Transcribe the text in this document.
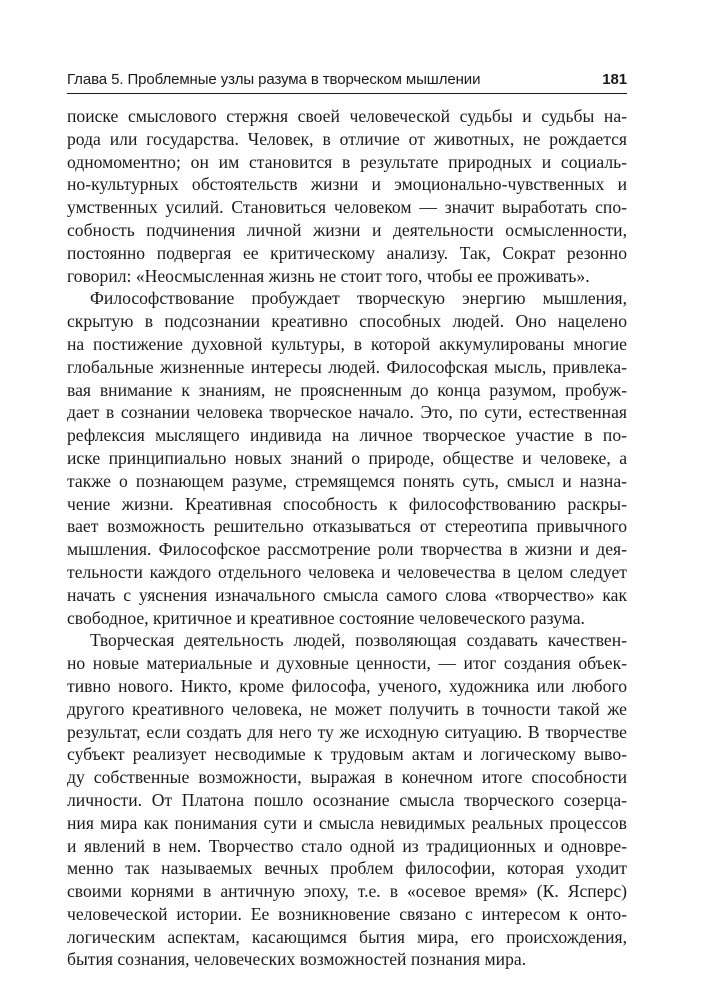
Глава 5. Проблемные узлы разума в творческом мышлении	181
поиске смыслового стержня своей человеческой судьбы и судьбы на-
рода или государства. Человек, в отличие от животных, не рождается
одномоментно; он им становится в результате природных и социаль-
но-культурных обстоятельств жизни и эмоционально-чувственных и
умственных усилий. Становиться человеком — значит выработать спо-
собность подчинения личной жизни и деятельности осмысленности,
постоянно подвергая ее критическому анализу. Так, Сократ резонно
говорил: «Неосмысленная жизнь не стоит того, чтобы ее проживать».
Философствование пробуждает творческую энергию мышления,
скрытую в подсознании креативно способных людей. Оно нацелено
на постижение духовной культуры, в которой аккумулированы многие
глобальные жизненные интересы людей. Философская мысль, привлека-
вая внимание к знаниям, не проясненным до конца разумом, пробуж-
дает в сознании человека творческое начало. Это, по сути, естественная
рефлексия мыслящего индивида на личное творческое участие в по-
иске принципиально новых знаний о природе, обществе и человеке, а
также о познающем разуме, стремящемся понять суть, смысл и назна-
чение жизни. Креативная способность к философствованию раскры-
вает возможность решительно отказываться от стереотипа привычного
мышления. Философское рассмотрение роли творчества в жизни и дея-
тельности каждого отдельного человека и человечества в целом следует
начать с уяснения изначального смысла самого слова «творчество» как
свободное, критичное и креативное состояние человеческого разума.
Творческая деятельность людей, позволяющая создавать качествен-
но новые материальные и духовные ценности, — итог создания объек-
тивно нового. Никто, кроме философа, ученого, художника или любого
другого креативного человека, не может получить в точности такой же
результат, если создать для него ту же исходную ситуацию. В творчестве
субъект реализует несводимые к трудовым актам и логическому выво-
ду собственные возможности, выражая в конечном итоге способности
личности. От Платона пошло осознание смысла творческого созерца-
ния мира как понимания сути и смысла невидимых реальных процессов
и явлений в нем. Творчество стало одной из традиционных и одновре-
менно так называемых вечных проблем философии, которая уходит
своими корнями в античную эпоху, т.е. в «осевое время» (К. Ясперс)
человеческой истории. Ее возникновение связано с интересом к онто-
логическим аспектам, касающимся бытия мира, его происхождения,
бытия сознания, человеческих возможностей познания мира.
